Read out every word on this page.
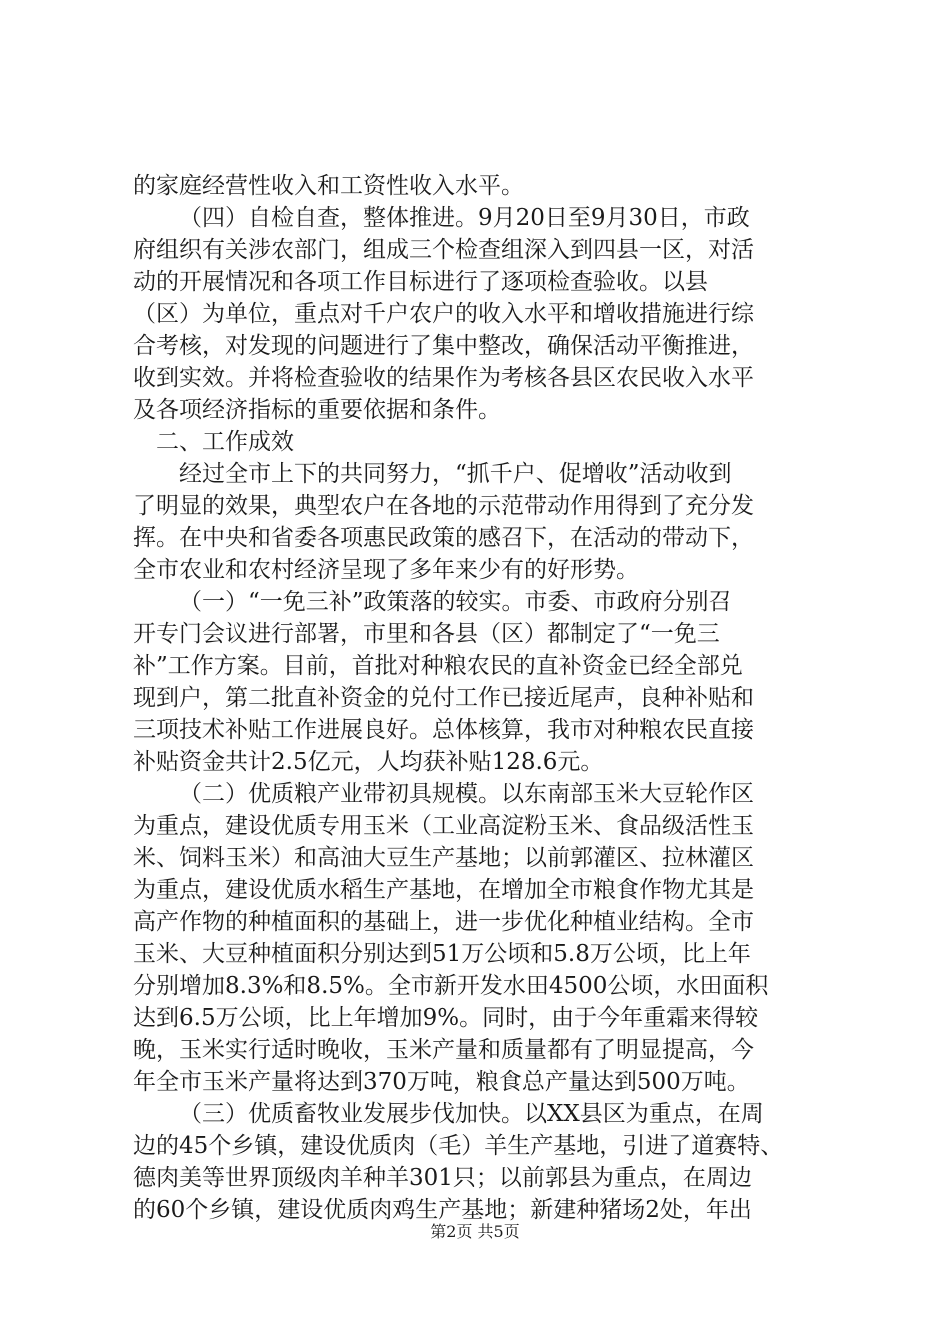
的家庭经营性收入和工资性收入水平。
（四）自检自查，整体推进。9月20日至9月30日，市政
府组织有关涉农部门，组成三个检查组深入到四县一区，对活
动的开展情况和各项工作目标进行了逐项检查验收。以县
（区）为单位，重点对千户农户的收入水平和增收措施进行综
合考核，对发现的问题进行了集中整改，确保活动平衡推进，
收到实效。并将检查验收的结果作为考核各县区农民收入水平
及各项经济指标的重要依据和条件。
二、工作成效
经过全市上下的共同努力，“抓千户、促增收”活动收到
了明显的效果，典型农户在各地的示范带动作用得到了充分发
挥。在中央和省委各项惠民政策的感召下，在活动的带动下，
全市农业和农村经济呈现了多年来少有的好形势。
（一）“一免三补”政策落的较实。市委、市政府分别召
开专门会议进行部署，市里和各县（区）都制定了“一免三
补”工作方案。目前，首批对种粮农民的直补资金已经全部兑
现到户，第二批直补资金的兑付工作已接近尾声，良种补贴和
三项技术补贴工作进展良好。总体核算，我市对种粮农民直接
补贴资金共计2.5亿元，人均获补贴128.6元。
（二）优质粮产业带初具规模。以东南部玉米大豆轮作区
为重点，建设优质专用玉米（工业高淀粉玉米、食品级活性玉
米、饲料玉米）和高油大豆生产基地；以前郭灌区、拉林灌区
为重点，建设优质水稻生产基地，在增加全市粮食作物尤其是
高产作物的种植面积的基础上，进一步优化种植业结构。全市
玉米、大豆种植面积分别达到51万公顷和5.8万公顷，比上年
分别增加8.3%和8.5%。全市新开发水田4500公顷，水田面积
达到6.5万公顷，比上年增加9%。同时，由于今年重霜来得较
晚，玉米实行适时晚收，玉米产量和质量都有了明显提高，今
年全市玉米产量将达到370万吨，粮食总产量达到500万吨。
（三）优质畜牧业发展步伐加快。以XX县区为重点，在周
边的45个乡镇，建设优质肉（毛）羊生产基地，引进了道赛特、
德肉美等世界顶级肉羊种羊301只；以前郭县为重点，在周边
的60个乡镇，建设优质肉鸡生产基地；新建种猪场2处，年出
第2页 共5页
